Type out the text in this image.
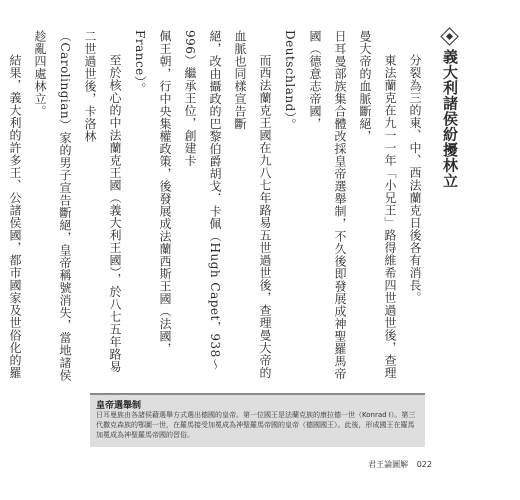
義大利諸侯紛擾林立

分裂為三的東、中、西法蘭克日後各有消長。

東法蘭克在九一一年「小兄王」路得維希四世過世後，查理曼大帝的血脈斷絕，

日耳曼部族集合體改採皇帝選舉制，不久後即發展成神聖羅馬帝國（德意志帝國，

Deutschland）。

而西法蘭克王國在九八七年路易五世過世後，查理曼大帝的血脈也同樣宣告斷

絕，改由攝政的巴黎伯爵胡戈．卡佩（Hugh Capet，938～996）繼承王位，創建卡

佩王朝，行中央集權政策，後發展成法蘭西斯王國（法國，France）。

至於核心的中法蘭克王國（義大利王國），於八七五年路易二世過世後，卡洛林

（Carolingian）家的男子宣告斷絕，皇帝稱號消失，當地諸侯趁亂四處林立。

結果，義大利的許多王、公諸侯國，都市國家及世俗化的羅

皇帝選舉制
日耳曼族由各諸侯藉選舉方式選出德國的皇帝。第一位國王是法蘭克族的康拉德一世（Konrad I）。第三代撒克森族的鄂圖一世，在羅馬接受加冕成為神聖羅馬帝國的皇帝（德國國王）。此後，形成國王在羅馬加冕成為神聖羅馬帝國的習俗。
君王論圖解 022
